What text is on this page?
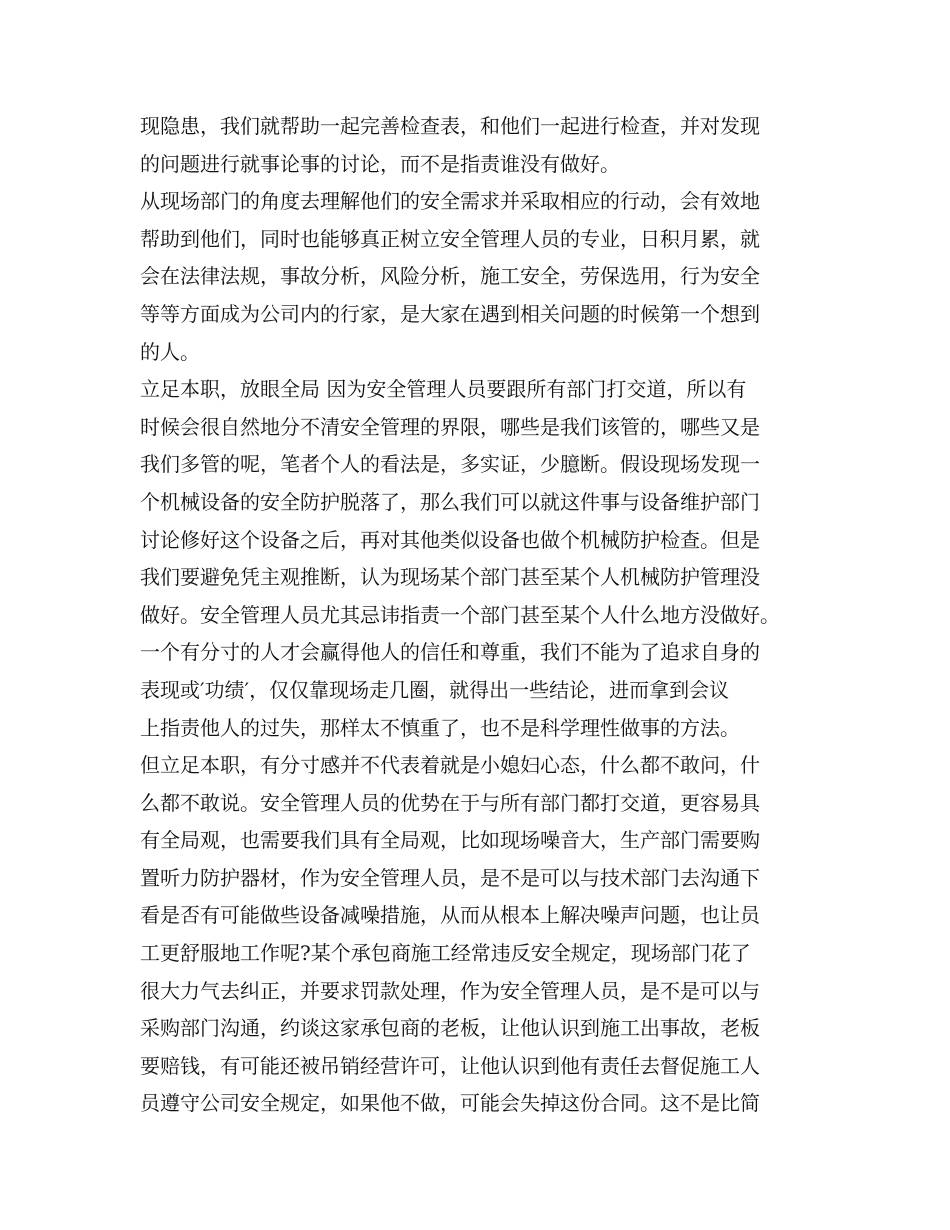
现隐患，我们就帮助一起完善检查表，和他们一起进行检查，并对发现
的问题进行就事论事的讨论，而不是指责谁没有做好。
从现场部门的角度去理解他们的安全需求并采取相应的行动，会有效地
帮助到他们，同时也能够真正树立安全管理人员的专业，日积月累，就
会在法律法规，事故分析，风险分析，施工安全，劳保选用，行为安全
等等方面成为公司内的行家，是大家在遇到相关问题的时候第一个想到
的人。
立足本职，放眼全局 因为安全管理人员要跟所有部门打交道，所以有
时候会很自然地分不清安全管理的界限，哪些是我们该管的，哪些又是
我们多管的呢，笔者个人的看法是，多实证，少臆断。假设现场发现一
个机械设备的安全防护脱落了，那么我们可以就这件事与设备维护部门
讨论修好这个设备之后，再对其他类似设备也做个机械防护检查。但是
我们要避免凭主观推断，认为现场某个部门甚至某个人机械防护管理没
做好。安全管理人员尤其忌讳指责一个部门甚至某个人什么地方没做好。
一个有分寸的人才会赢得他人的信任和尊重，我们不能为了追求自身的
表现或′功绩′，仅仅靠现场走几圈，就得出一些结论，进而拿到会议
上指责他人的过失，那样太不慎重了，也不是科学理性做事的方法。
但立足本职，有分寸感并不代表着就是小媳妇心态，什么都不敢问，什
么都不敢说。安全管理人员的优势在于与所有部门都打交道，更容易具
有全局观，也需要我们具有全局观，比如现场噪音大，生产部门需要购
置听力防护器材，作为安全管理人员，是不是可以与技术部门去沟通下
看是否有可能做些设备减噪措施，从而从根本上解决噪声问题，也让员
工更舒服地工作呢?某个承包商施工经常违反安全规定，现场部门花了
很大力气去纠正，并要求罚款处理，作为安全管理人员，是不是可以与
采购部门沟通，约谈这家承包商的老板，让他认识到施工出事故，老板
要赔钱，有可能还被吊销经营许可，让他认识到他有责任去督促施工人
员遵守公司安全规定，如果他不做，可能会失掉这份合同。这不是比简
